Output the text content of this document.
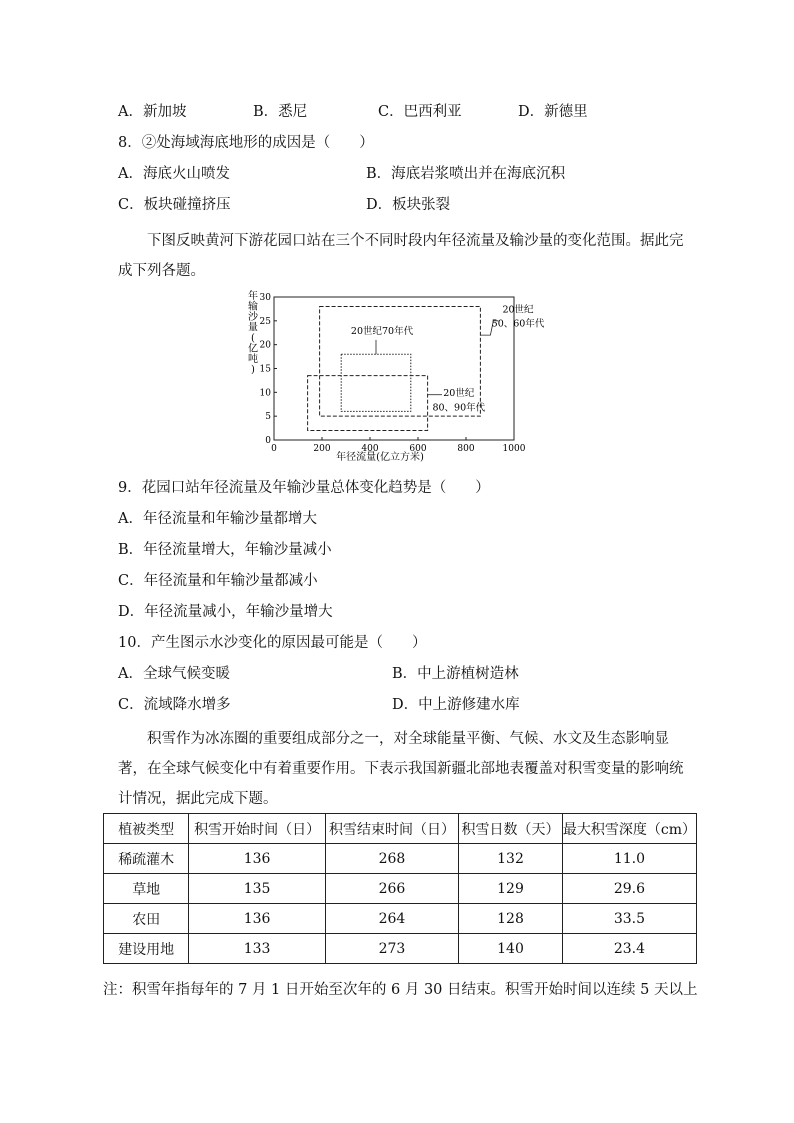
A．新加坡	B．悉尼	C．巴西利亚	D．新德里
8．②处海域海底地形的成因是（　　）
A．海底火山喷发	B．海底岩浆喷出并在海底沉积
C．板块碰撞挤压	D．板块张裂
下图反映黄河下游花园口站在三个不同时段内年径流量及输沙量的变化范围。据此完成下列各题。
0	200	400	600	800	1000
0
5
10
15
20
25
30
20世纪
50、60年代
20世纪70年代
20世纪
80、90年代
年输沙量(亿吨)
年径流量(亿立方米)
9．花园口站年径流量及年输沙量总体变化趋势是（　　）
A．年径流量和年输沙量都增大
B．年径流量增大，年输沙量减小
C．年径流量和年输沙量都减小
D．年径流量减小，年输沙量增大
10．产生图示水沙变化的原因最可能是（　　）
A．全球气候变暖	B．中上游植树造林
C．流域降水增多	D．中上游修建水库
积雪作为冰冻圈的重要组成部分之一，对全球能量平衡、气候、水文及生态影响显著，在全球气候变化中有着重要作用。下表示我国新疆北部地表覆盖对积雪变量的影响统计情况，据此完成下题。
植被类型	积雪开始时间（日）	积雪结束时间（日）	积雪日数（天）	最大积雪深度（cm）
稀疏灌木	136	268	132	11.0
草地	135	266	129	29.6
农田	136	264	128	33.5
建设用地	133	273	140	23.4
注：积雪年指每年的 7 月 1 日开始至次年的 6 月 30 日结束。积雪开始时间以连续 5 天以上
